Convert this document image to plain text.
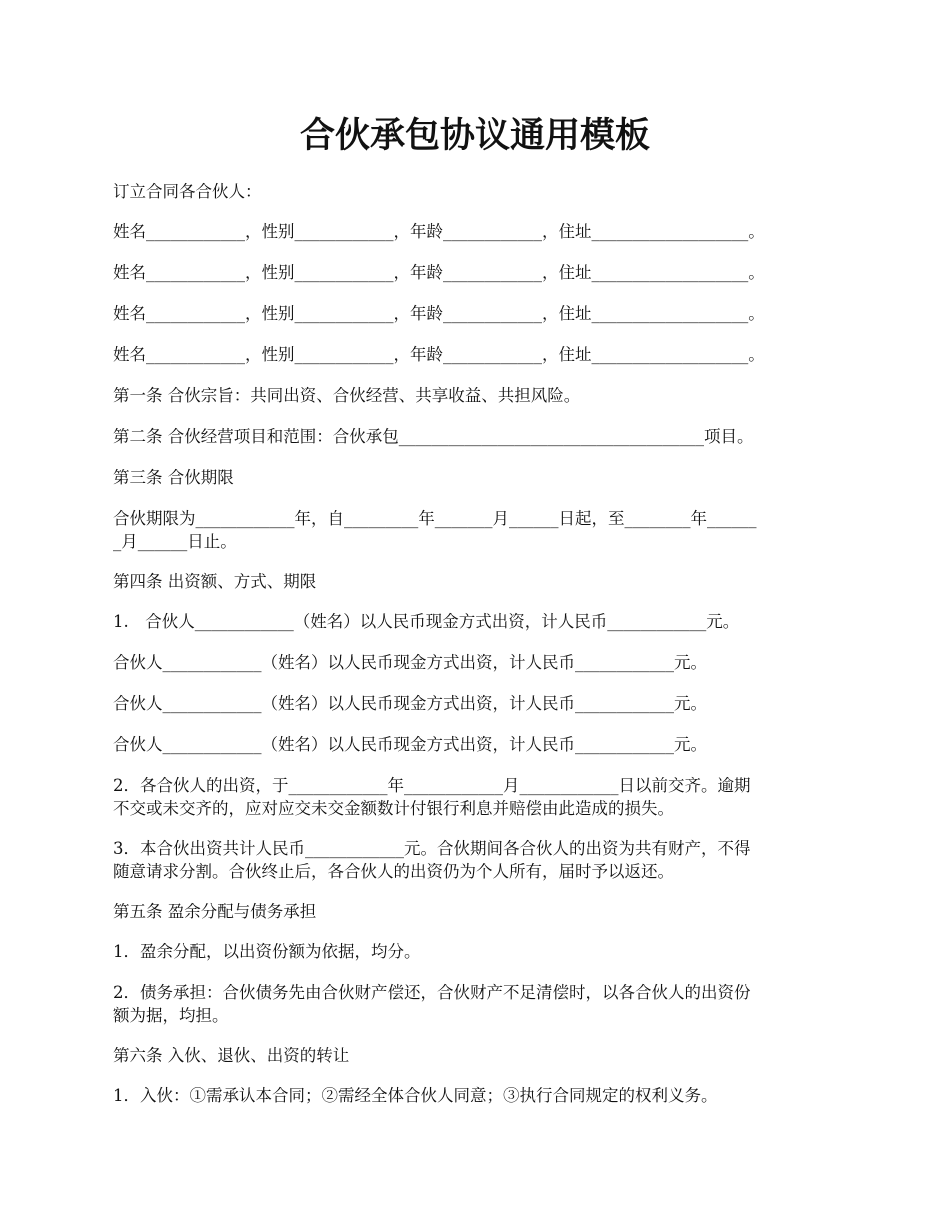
合伙承包协议通用模板

订立合同各合伙人：

姓名____________，性别____________，年龄____________，住址___________________。

姓名____________，性别____________，年龄____________，住址___________________。

姓名____________，性别____________，年龄____________，住址___________________。

姓名____________，性别____________，年龄____________，住址___________________。

第一条 合伙宗旨：共同出资、合伙经营、共享收益、共担风险。

第二条 合伙经营项目和范围：合伙承包_____________________________________项目。

第三条 合伙期限

合伙期限为____________年，自_________年_______月______日起，至________年______

_月______日止。

第四条 出资额、方式、期限

1.　合伙人____________（姓名）以人民币现金方式出资，计人民币____________元。

合伙人____________（姓名）以人民币现金方式出资，计人民币____________元。

合伙人____________（姓名）以人民币现金方式出资，计人民币____________元。

合伙人____________（姓名）以人民币现金方式出资，计人民币____________元。

2．各合伙人的出资，于____________年____________月____________日以前交齐。逾期

不交或未交齐的，应对应交未交金额数计付银行利息并赔偿由此造成的损失。

3．本合伙出资共计人民币____________元。合伙期间各合伙人的出资为共有财产，不得

随意请求分割。合伙终止后，各合伙人的出资仍为个人所有，届时予以返还。

第五条 盈余分配与债务承担

1．盈余分配，以出资份额为依据，均分。

2．债务承担：合伙债务先由合伙财产偿还，合伙财产不足清偿时，以各合伙人的出资份

额为据，均担。

第六条 入伙、退伙、出资的转让

1．入伙：①需承认本合同；②需经全体合伙人同意；③执行合同规定的权利义务。
